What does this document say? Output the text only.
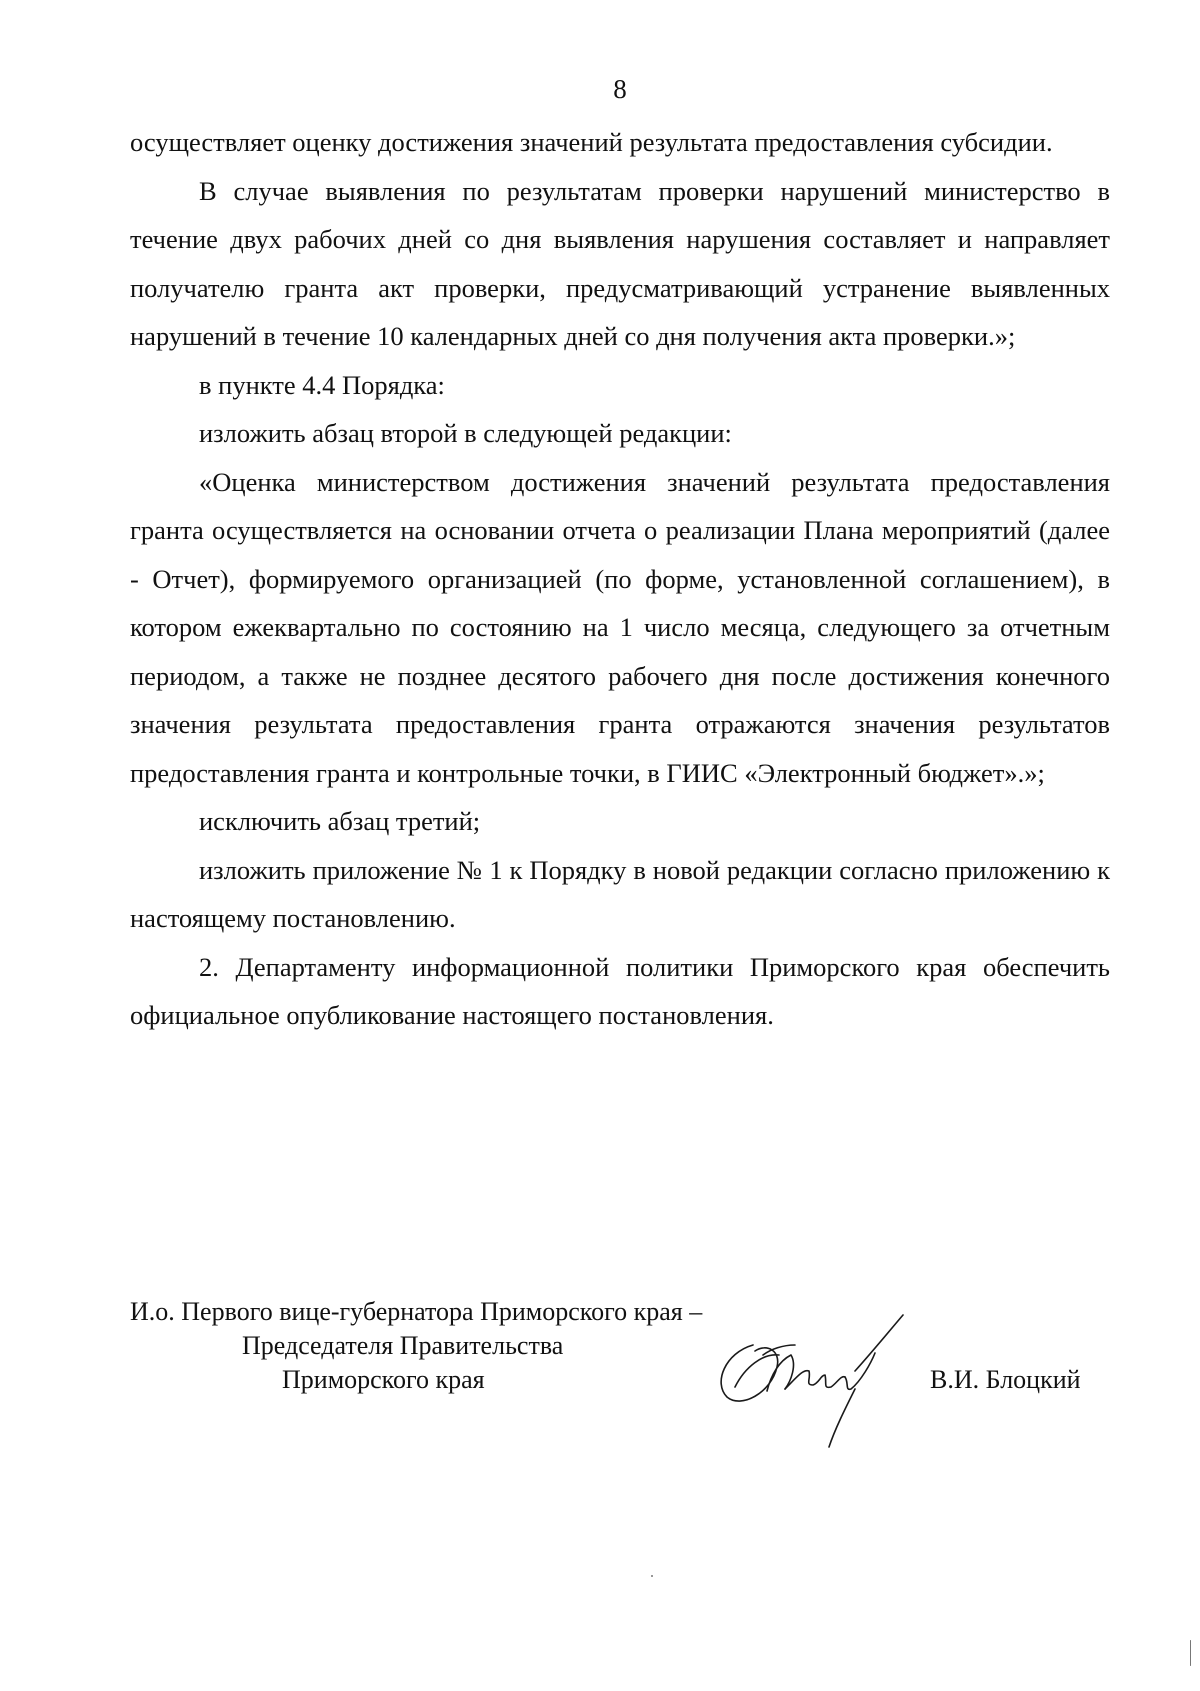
8

осуществляет оценку достижения значений результата предоставления субсидии.

В случае выявления по результатам проверки нарушений министерство в течение двух рабочих дней со дня выявления нарушения составляет и направляет получателю гранта акт проверки, предусматривающий устранение выявленных нарушений в течение 10 календарных дней со дня получения акта проверки.»;

в пункте 4.4 Порядка:

изложить абзац второй в следующей редакции:

«Оценка министерством достижения значений результата предоставления гранта осуществляется на основании отчета о реализации Плана мероприятий (далее - Отчет), формируемого организацией (по форме, установленной соглашением), в котором ежеквартально по состоянию на 1 число месяца, следующего за отчетным периодом, а также не позднее десятого рабочего дня после достижения конечного значения результата предоставления гранта отражаются значения результатов предоставления гранта и контрольные точки, в ГИИС «Электронный бюджет».»;

исключить абзац третий;

изложить приложение № 1 к Порядку в новой редакции согласно приложению к настоящему постановлению.

2. Департаменту информационной политики Приморского края обеспечить официальное опубликование настоящего постановления.

И.о. Первого вице-губернатора Приморского края –
Председателя Правительства
Приморского края	В.И. Блоцкий
